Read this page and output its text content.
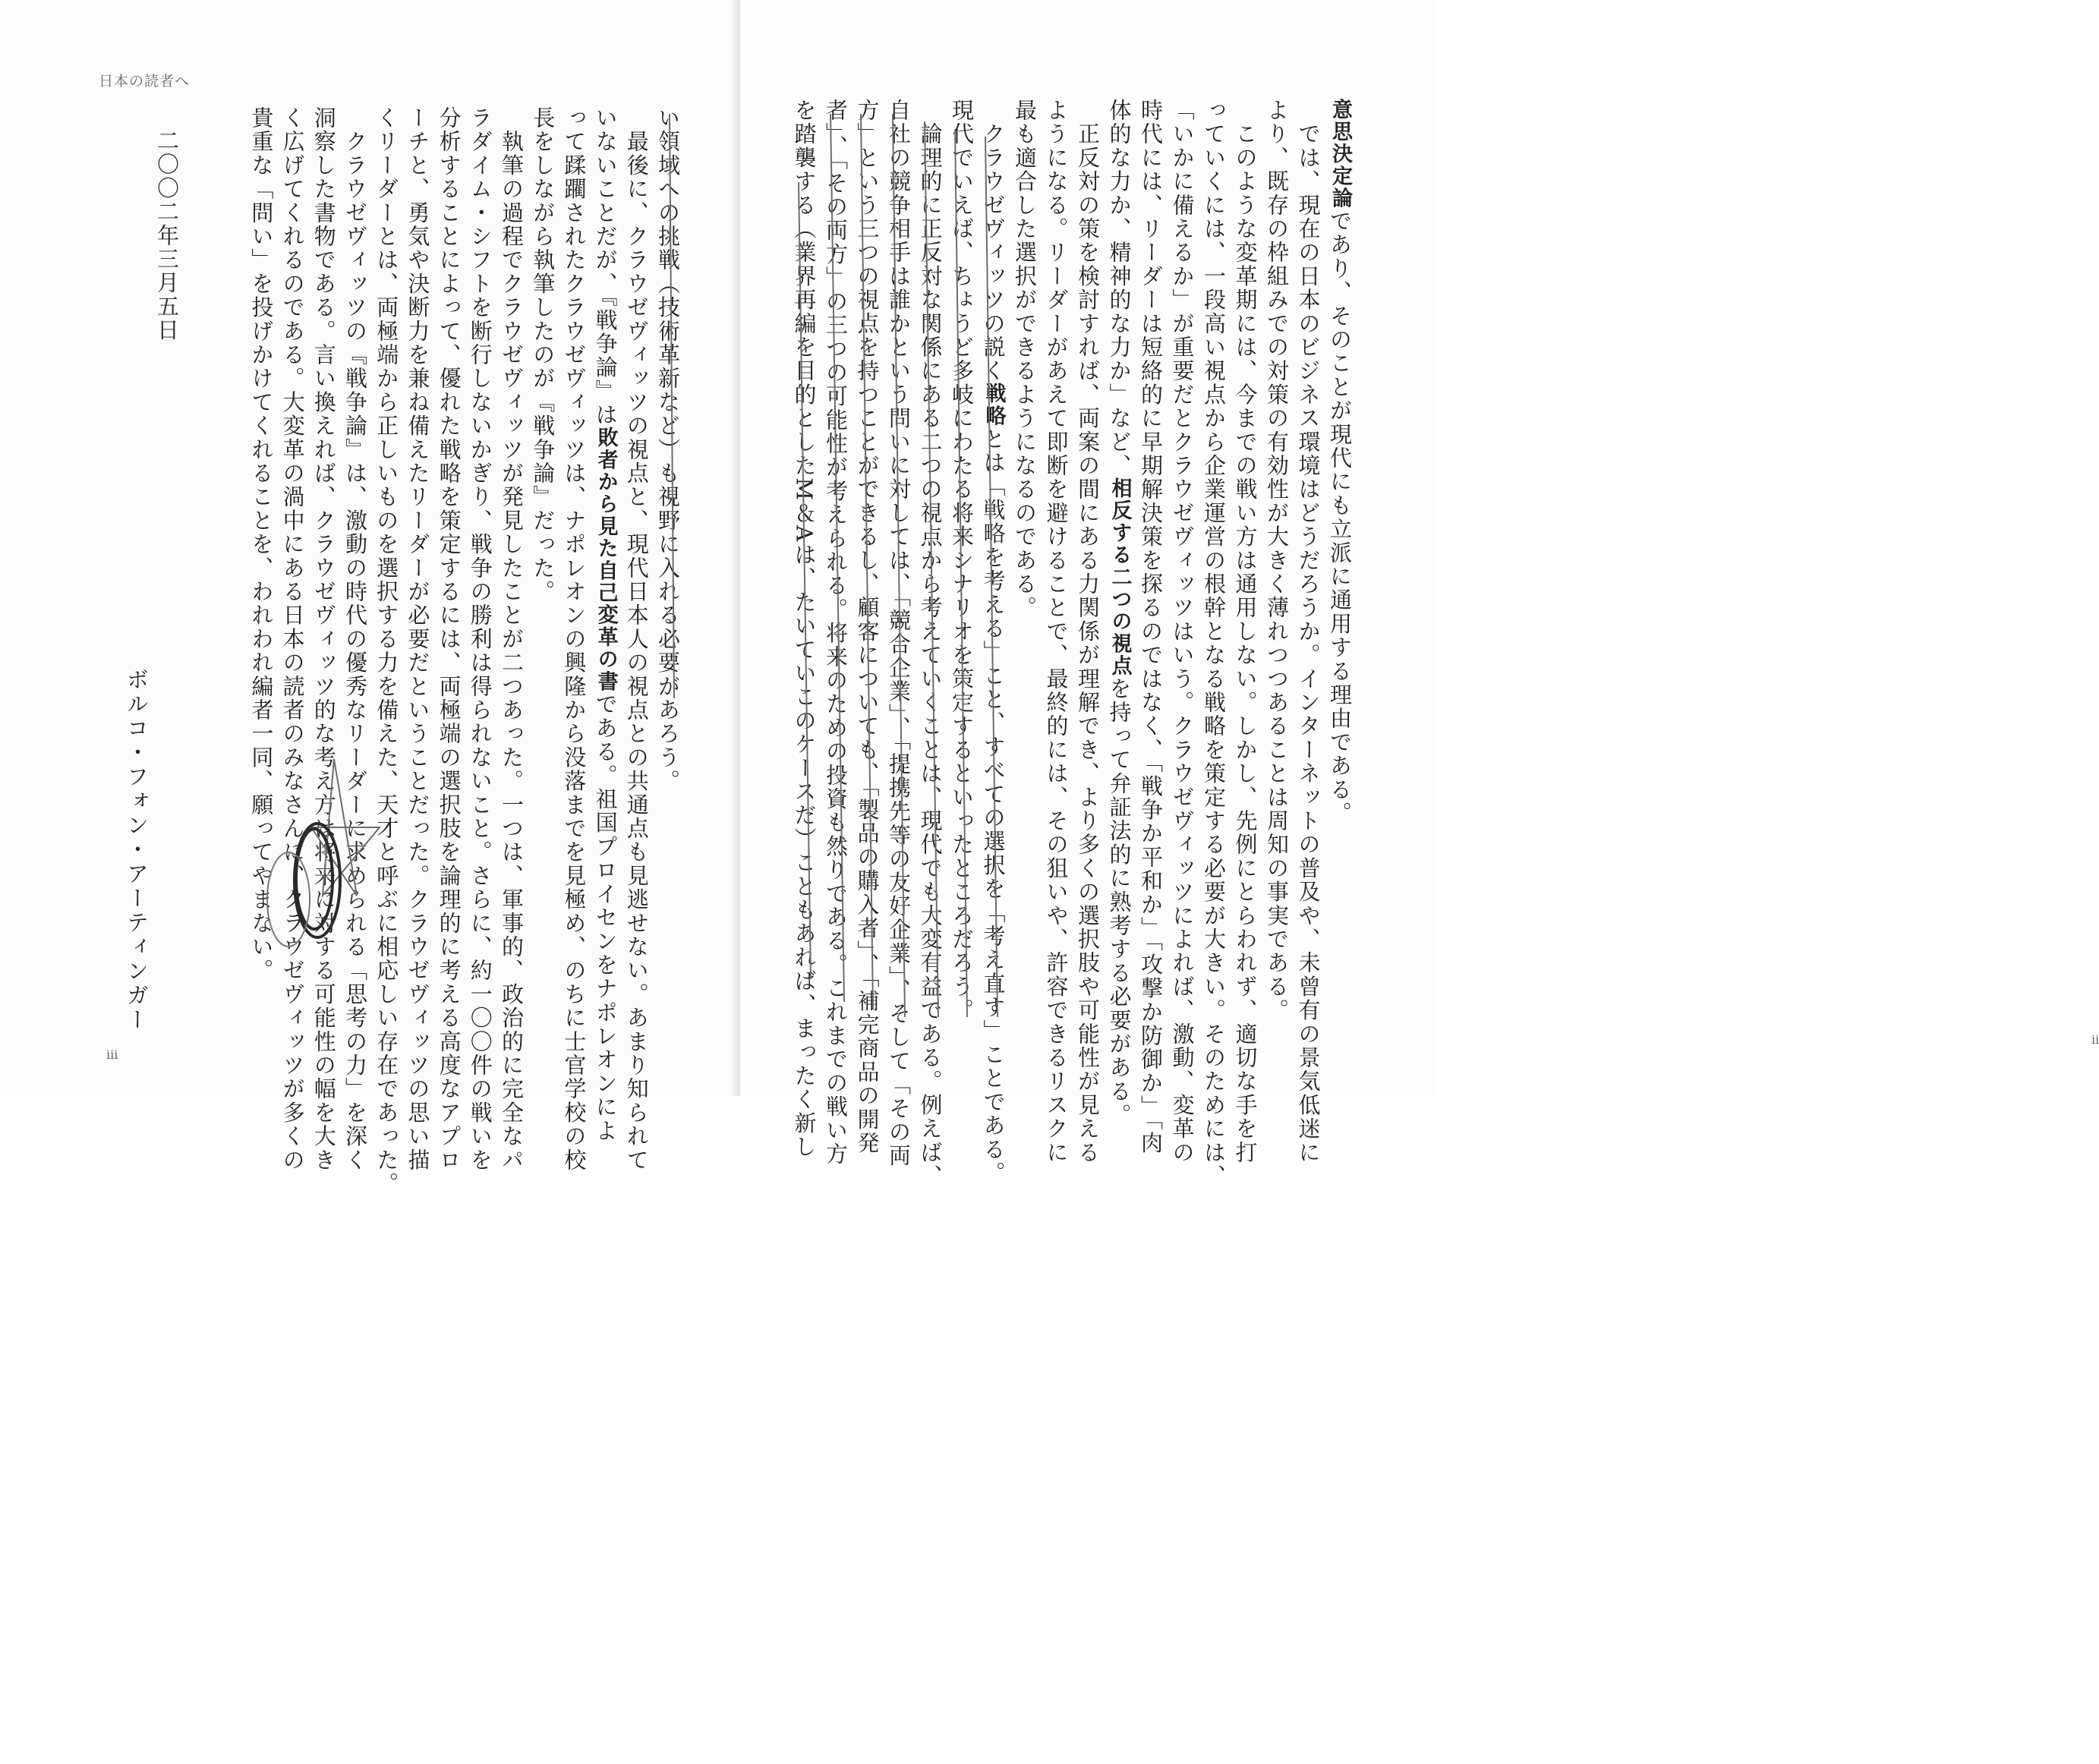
日本の読者へ
い領域への挑戦（技術革新など）も視野に入れる必要があろう。
　最後に、クラウゼヴィッツの視点と、現代日本人の視点との共通点も見逃せない。あまり知られて
いないことだが、『戦争論』は敗者から見た自己変革の書である。祖国プロイセンをナポレオンによ
って蹂躙されたクラウゼヴィッツは、ナポレオンの興隆から没落までを見極め、のちに士官学校の校
長をしながら執筆したのが『戦争論』だった。
　執筆の過程でクラウゼヴィッツが発見したことが二つあった。一つは、軍事的、政治的に完全なパ
ラダイム・シフトを断行しないかぎり、戦争の勝利は得られないこと。さらに、約一〇〇件の戦いを
分析することによって、優れた戦略を策定するには、両極端の選択肢を論理的に考える高度なアプロ
ーチと、勇気や決断力を兼ね備えたリーダーが必要だということだった。クラウゼヴィッツの思い描
くリーダーとは、両極端から正しいものを選択する力を備えた、天才と呼ぶに相応しい存在であった。
　クラウゼヴィッツの『戦争論』は、激動の時代の優秀なリーダーに求められる「思考の力」を深く
洞察した書物である。言い換えれば、クラウゼヴィッツ的な考え方は将来に対する可能性の幅を大き
く広げてくれるのである。大変革の渦中にある日本の読者のみなさんに、クラウゼヴィッツが多くの
貴重な「問い」を投げかけてくれることを、われわれ編者一同、願ってやまない。
二〇〇二年三月五日
ボルコ・フォン・アーティンガー
iii
意思決定論であり、そのことが現代にも立派に通用する理由である。
　では、現在の日本のビジネス環境はどうだろうか。インターネットの普及や、未曾有の景気低迷に
より、既存の枠組みでの対策の有効性が大きく薄れつつあることは周知の事実である。
　このような変革期には、今までの戦い方は通用しない。しかし、先例にとらわれず、適切な手を打
っていくには、一段高い視点から企業運営の根幹となる戦略を策定する必要が大きい。そのためには、
「いかに備えるか」が重要だとクラウゼヴィッツはいう。クラウゼヴィッツによれば、激動、変革の
時代には、リーダーは短絡的に早期解決策を探るのではなく、「戦争か平和か」「攻撃か防御か」「肉
体的な力か、精神的な力か」など、相反する二つの視点を持って弁証法的に熟考する必要がある。
　正反対の策を検討すれば、両案の間にある力関係が理解でき、より多くの選択肢や可能性が見える
ようになる。リーダーがあえて即断を避けることで、最終的には、その狙いや、許容できるリスクに
最も適合した選択ができるようになるのである。
　クラウゼヴィッツの説く戦略とは「戦略を考える」こと、すべての選択を「考え直す」ことである。
現代でいえば、ちょうど多岐にわたる将来シナリオを策定するといったところだろう。
　論理的に正反対な関係にある二つの視点から考えていくことは、現代でも大変有益である。例えば、
自社の競争相手は誰かという問いに対しては、「競合企業」、「提携先等の友好企業」、そして「その両
方」という三つの視点を持つことができるし、顧客についても、「製品の購入者」、「補完商品の開発
者」、「その両方」の三つの可能性が考えられる。将来のための投資も然りである。これまでの戦い方
を踏襲する（業界再編を目的としたM＆Aは、たいていこのケースだ）こともあれば、まったく新し	ii
